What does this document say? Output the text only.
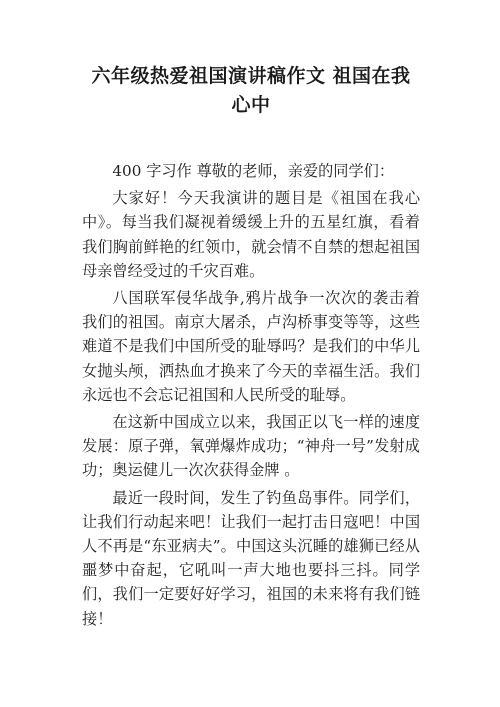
六年级热爱祖国演讲稿作文 祖国在我心中

400 字习作 尊敬的老师，亲爱的同学们：

大家好！今天我演讲的题目是《祖国在我心中》。每当我们凝视着缓缓上升的五星红旗，看着我们胸前鲜艳的红领巾，就会情不自禁的想起祖国母亲曾经受过的千灾百难。

八国联军侵华战争,鸦片战争一次次的袭击着我们的祖国。南京大屠杀，卢沟桥事变等等，这些难道不是我们中国所受的耻辱吗？是我们的中华儿女抛头颅，洒热血才换来了今天的幸福生活。我们永远也不会忘记祖国和人民所受的耻辱。

在这新中国成立以来，我国正以飞一样的速度发展：原子弹，氧弹爆炸成功；“神舟一号”发射成功；奥运健儿一次次获得金牌 。

最近一段时间，发生了钓鱼岛事件。同学们，让我们行动起来吧！让我们一起打击日寇吧！中国人不再是“东亚病夫”。中国这头沉睡的雄狮已经从噩梦中奋起，它吼叫一声大地也要抖三抖。同学们，我们一定要好好学习，祖国的未来将有我们链接！
